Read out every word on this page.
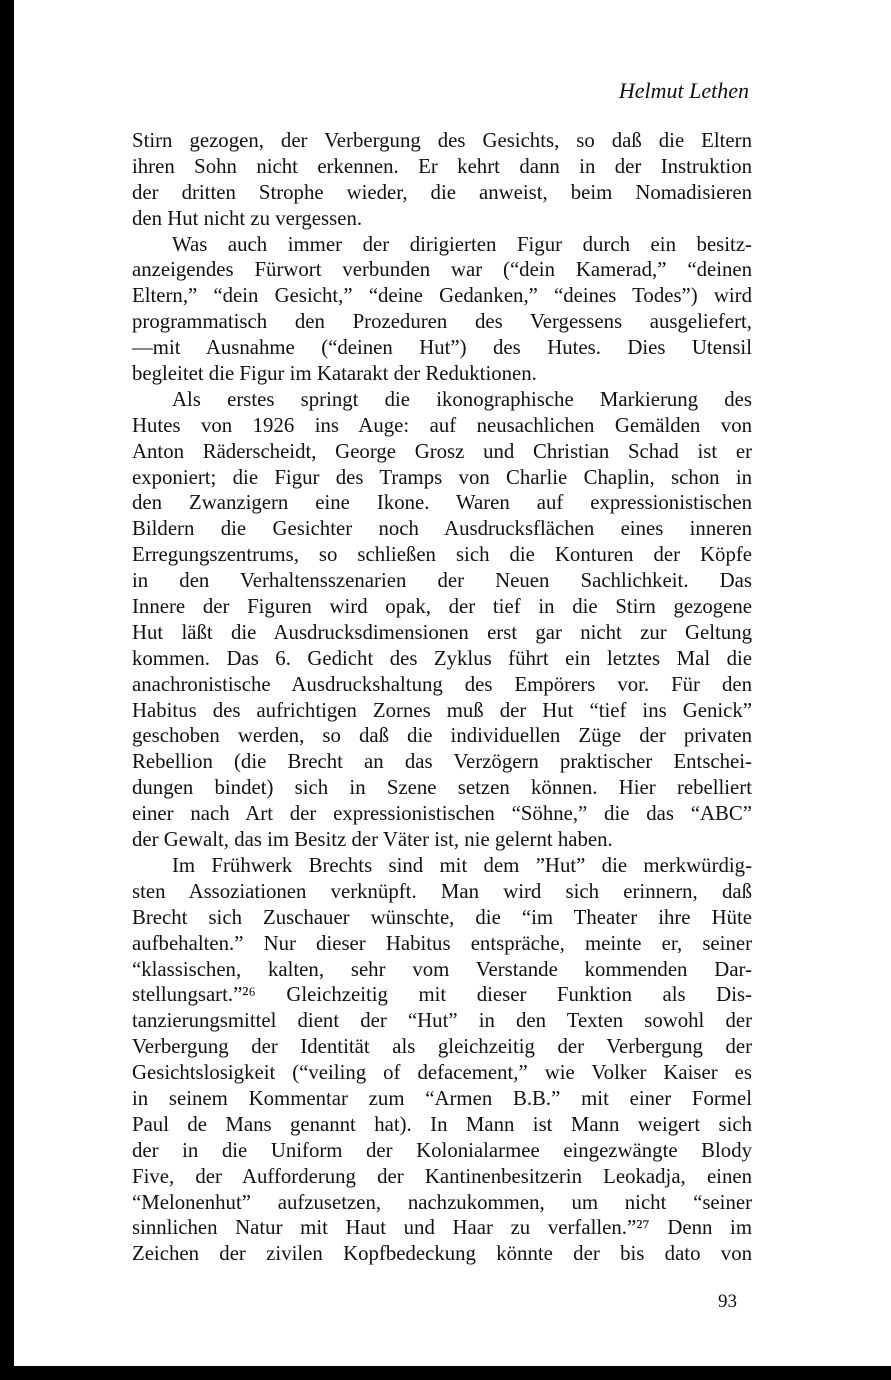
Helmut Lethen
Stirn gezogen, der Verbergung des Gesichts, so daß die Eltern
ihren Sohn nicht erkennen. Er kehrt dann in der Instruktion
der dritten Strophe wieder, die anweist, beim Nomadisieren
den Hut nicht zu vergessen.
Was auch immer der dirigierten Figur durch ein besitz-
anzeigendes Fürwort verbunden war (“dein Kamerad,” “deinen
Eltern,” “dein Gesicht,” “deine Gedanken,” “deines Todes”) wird
programmatisch den Prozeduren des Vergessens ausgeliefert,
—mit Ausnahme (“deinen Hut”) des Hutes. Dies Utensil
begleitet die Figur im Katarakt der Reduktionen.
Als erstes springt die ikonographische Markierung des
Hutes von 1926 ins Auge: auf neusachlichen Gemälden von
Anton Räderscheidt, George Grosz und Christian Schad ist er
exponiert; die Figur des Tramps von Charlie Chaplin, schon in
den Zwanzigern eine Ikone. Waren auf expressionistischen
Bildern die Gesichter noch Ausdrucksflächen eines inneren
Erregungszentrums, so schließen sich die Konturen der Köpfe
in den Verhaltensszenarien der Neuen Sachlichkeit. Das
Innere der Figuren wird opak, der tief in die Stirn gezogene
Hut läßt die Ausdrucksdimensionen erst gar nicht zur Geltung
kommen. Das 6. Gedicht des Zyklus führt ein letztes Mal die
anachronistische Ausdruckshaltung des Empörers vor. Für den
Habitus des aufrichtigen Zornes muß der Hut “tief ins Genick”
geschoben werden, so daß die individuellen Züge der privaten
Rebellion (die Brecht an das Verzögern praktischer Entschei-
dungen bindet) sich in Szene setzen können. Hier rebelliert
einer nach Art der expressionistischen “Söhne,” die das “ABC”
der Gewalt, das im Besitz der Väter ist, nie gelernt haben.
Im Frühwerk Brechts sind mit dem ”Hut” die merkwürdig-
sten Assoziationen verknüpft. Man wird sich erinnern, daß
Brecht sich Zuschauer wünschte, die “im Theater ihre Hüte
aufbehalten.” Nur dieser Habitus entspräche, meinte er, seiner
“klassischen, kalten, sehr vom Verstande kommenden Dar-
stellungsart.”²⁶ Gleichzeitig mit dieser Funktion als Dis-
tanzierungsmittel dient der “Hut” in den Texten sowohl der
Verbergung der Identität als gleichzeitig der Verbergung der
Gesichtslosigkeit (“veiling of defacement,” wie Volker Kaiser es
in seinem Kommentar zum “Armen B.B.” mit einer Formel
Paul de Mans genannt hat). In Mann ist Mann weigert sich
der in die Uniform der Kolonialarmee eingezwängte Blody
Five, der Aufforderung der Kantinenbesitzerin Leokadja, einen
“Melonenhut” aufzusetzen, nachzukommen, um nicht “seiner
sinnlichen Natur mit Haut und Haar zu verfallen.”²⁷ Denn im
Zeichen der zivilen Kopfbedeckung könnte der bis dato von
93
